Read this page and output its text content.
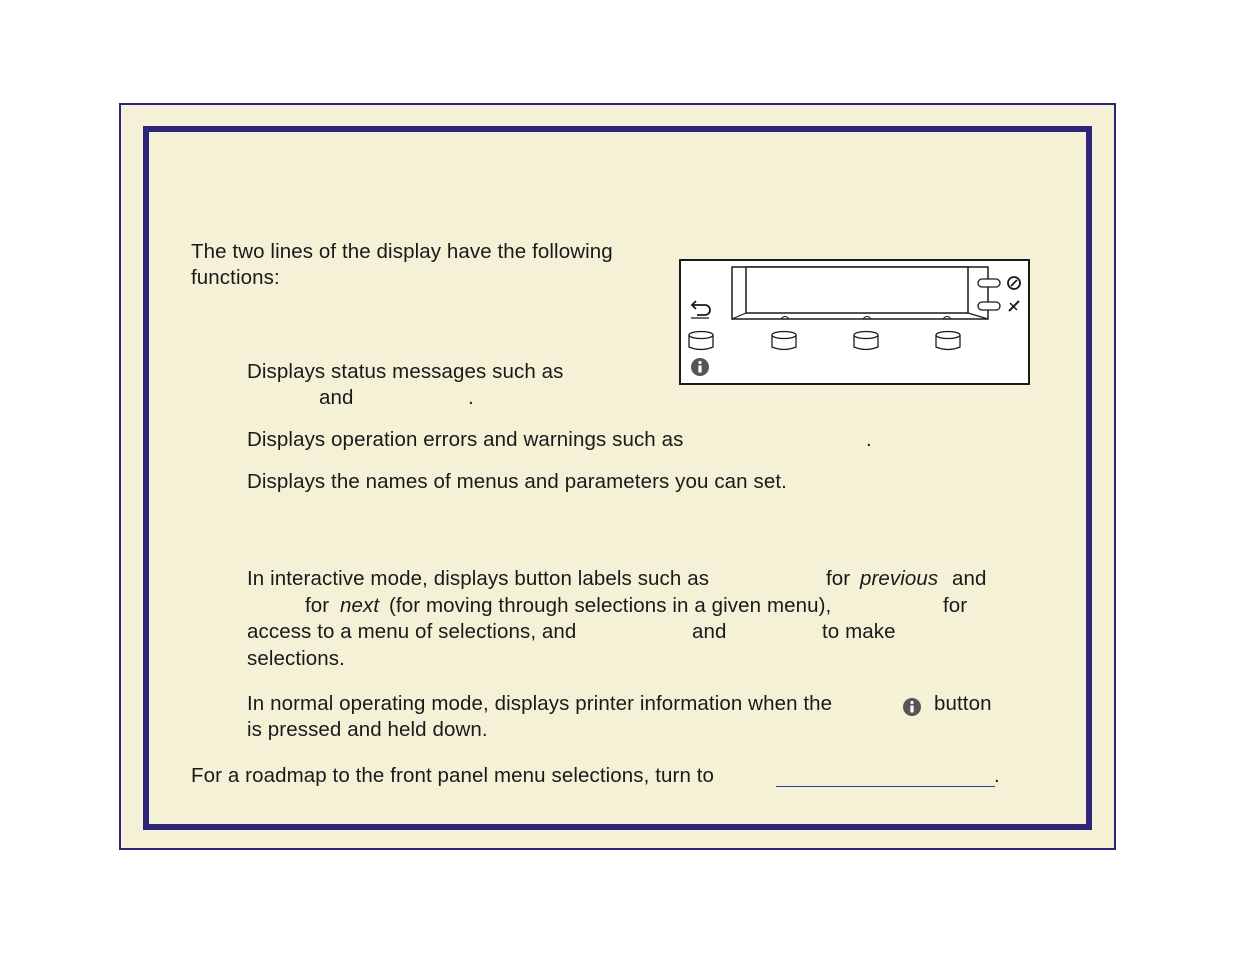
The two lines of the display have the following
functions:
Displays status messages such as
and	.
Displays operation errors and warnings such as	.
Displays the names of menus and parameters you can set.
In interactive mode, displays button labels such as	for previous and
for next (for moving through selections in a given menu),	for
access to a menu of selections, and	and	to make
selections.
In normal operating mode, displays printer information when the	button
is pressed and held down.
For a roadmap to the front panel menu selections, turn to	.
